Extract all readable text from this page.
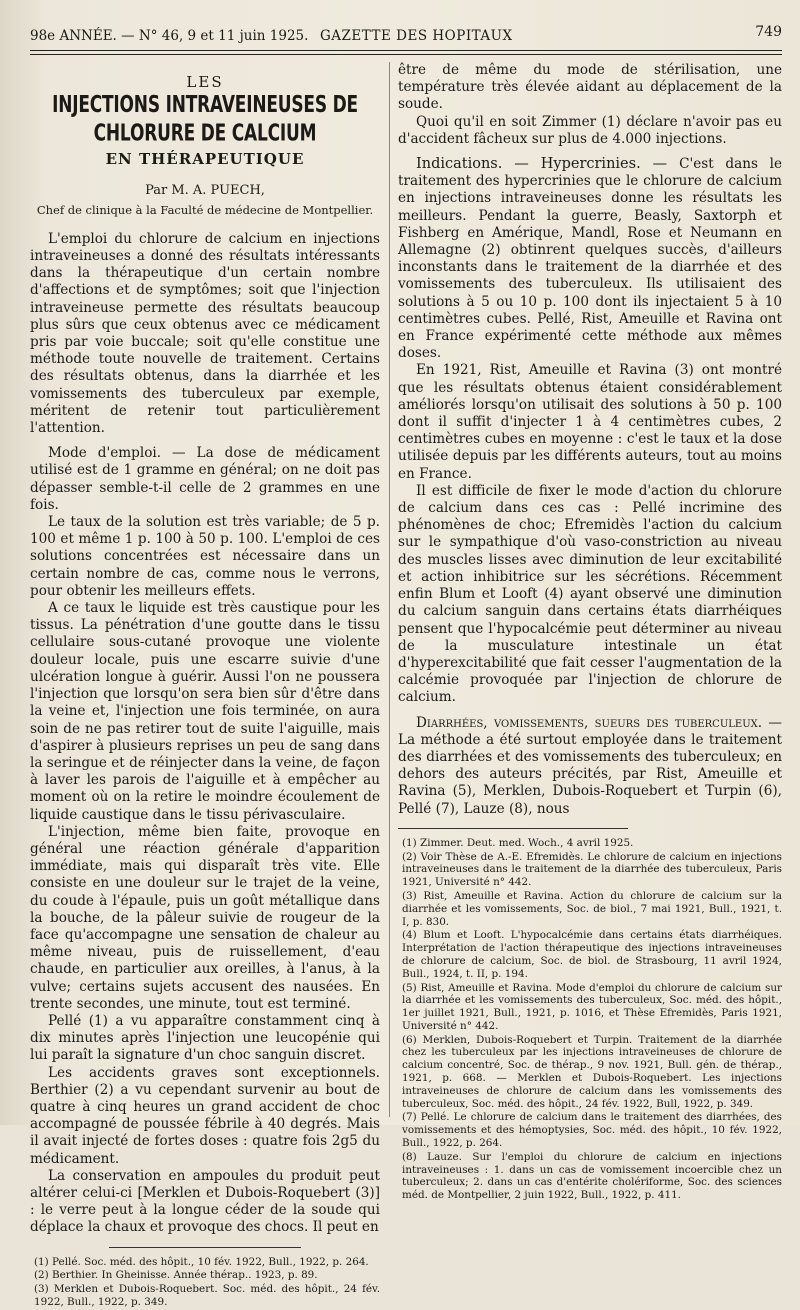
98e ANNÉE. — N° 46, 9 et 11 juin 1925. GAZETTE DES HOPITAUX	749
LES
INJECTIONS INTRAVEINEUSES DE CHLORURE DE CALCIUM
EN THÉRAPEUTIQUE
Par M. A. PUECH,
Chef de clinique à la Faculté de médecine de Montpellier.

L'emploi du chlorure de calcium en injections intraveineuses a donné des résultats intéressants dans la thérapeutique d'un certain nombre d'affections et de symptômes; soit que l'injection intraveineuse permette des résultats beaucoup plus sûrs que ceux obtenus avec ce médicament pris par voie buccale; soit qu'elle constitue une méthode toute nouvelle de traitement. Certains des résultats obtenus, dans la diarrhée et les vomissements des tuberculeux par exemple, méritent de retenir tout particulièrement l'attention.

Mode d'emploi. — La dose de médicament utilisé est de 1 gramme en général; on ne doit pas dépasser semble-t-il celle de 2 grammes en une fois.

Le taux de la solution est très variable; de 5 p. 100 et même 1 p. 100 à 50 p. 100. L'emploi de ces solutions concentrées est nécessaire dans un certain nombre de cas, comme nous le verrons, pour obtenir les meilleurs effets.

A ce taux le liquide est très caustique pour les tissus. La pénétration d'une goutte dans le tissu cellulaire sous-cutané provoque une violente douleur locale, puis une escarre suivie d'une ulcération longue à guérir. Aussi l'on ne poussera l'injection que lorsqu'on sera bien sûr d'être dans la veine et, l'injection une fois terminée, on aura soin de ne pas retirer tout de suite l'aiguille, mais d'aspirer à plusieurs reprises un peu de sang dans la seringue et de réinjecter dans la veine, de façon à laver les parois de l'aiguille et à empêcher au moment où on la retire le moindre écoulement de liquide caustique dans le tissu périvasculaire.

L'injection, même bien faite, provoque en général une réaction générale d'apparition immédiate, mais qui disparaît très vite. Elle consiste en une douleur sur le trajet de la veine, du coude à l'épaule, puis un goût métallique dans la bouche, de la pâleur suivie de rougeur de la face qu'accompagne une sensation de chaleur au même niveau, puis de ruissellement, d'eau chaude, en particulier aux oreilles, à l'anus, à la vulve; certains sujets accusent des nausées. En trente secondes, une minute, tout est terminé.

Pellé (1) a vu apparaître constamment cinq à dix minutes après l'injection une leucopénie qui lui paraît la signature d'un choc sanguin discret.

Les accidents graves sont exceptionnels. Berthier (2) a vu cependant survenir au bout de quatre à cinq heures un grand accident de choc accompagné de poussée fébrile à 40 degrés. Mais il avait injecté de fortes doses : quatre fois 2g5 du médicament.

La conservation en ampoules du produit peut altérer celui-ci [Merklen et Dubois-Roquebert (3)] : le verre peut à la longue céder de la soude qui déplace la chaux et provoque des chocs. Il peut en

(1) Pellé. Soc. méd. des hôpit., 10 fév. 1922, Bull., 1922, p. 264.

(2) Berthier. In Gheinisse. Année thérap.. 1923, p. 89.

(3) Merklen et Dubois-Roquebert. Soc. méd. des hôpit., 24 fév. 1922, Bull., 1922, p. 349.

être de même du mode de stérilisation, une température très élevée aidant au déplacement de la soude.

Quoi qu'il en soit Zimmer (1) déclare n'avoir pas eu d'accident fâcheux sur plus de 4.000 injections.

Indications. — Hypercrinies. — C'est dans le traitement des hypercrinies que le chlorure de calcium en injections intraveineuses donne les résultats les meilleurs. Pendant la guerre, Beasly, Saxtorph et Fishberg en Amérique, Mandl, Rose et Neumann en Allemagne (2) obtinrent quelques succès, d'ailleurs inconstants dans le traitement de la diarrhée et des vomissements des tuberculeux. Ils utilisaient des solutions à 5 ou 10 p. 100 dont ils injectaient 5 à 10 centimètres cubes. Pellé, Rist, Ameuille et Ravina ont en France expérimenté cette méthode aux mêmes doses.

En 1921, Rist, Ameuille et Ravina (3) ont montré que les résultats obtenus étaient considérablement améliorés lorsqu'on utilisait des solutions à 50 p. 100 dont il suffit d'injecter 1 à 4 centimètres cubes, 2 centimètres cubes en moyenne : c'est le taux et la dose utilisée depuis par les différents auteurs, tout au moins en France.

Il est difficile de fixer le mode d'action du chlorure de calcium dans ces cas : Pellé incrimine des phénomènes de choc; Efremidès l'action du calcium sur le sympathique d'où vaso-constriction au niveau des muscles lisses avec diminution de leur excitabilité et action inhibitrice sur les sécrétions. Récemment enfin Blum et Looft (4) ayant observé une diminution du calcium sanguin dans certains états diarrhéiques pensent que l'hypocalcémie peut déterminer au niveau de la musculature intestinale un état d'hyperexcitabilité que fait cesser l'augmentation de la calcémie provoquée par l'injection de chlorure de calcium.

Diarrhées, vomissements, sueurs des tuberculeux. — La méthode a été surtout employée dans le traitement des diarrhées et des vomissements des tuberculeux; en dehors des auteurs précités, par Rist, Ameuille et Ravina (5), Merklen, Dubois-Roquebert et Turpin (6), Pellé (7), Lauze (8), nous

(1) Zimmer. Deut. med. Woch., 4 avril 1925.

(2) Voir Thèse de A.-E. Efremidès. Le chlorure de calcium en injections intraveineuses dans le traitement de la diarrhée des tuberculeux, Paris 1921, Université n° 442.

(3) Rist, Ameuille et Ravina. Action du chlorure de calcium sur la diarrhée et les vomissements, Soc. de biol., 7 mai 1921, Bull., 1921, t. I, p. 830.

(4) Blum et Looft. L'hypocalcémie dans certains états diarrhéiques. Interprétation de l'action thérapeutique des injections intraveineuses de chlorure de calcium, Soc. de biol. de Strasbourg, 11 avril 1924, Bull., 1924, t. II, p. 194.

(5) Rist, Ameuille et Ravina. Mode d'emploi du chlorure de calcium sur la diarrhée et les vomissements des tuberculeux, Soc. méd. des hôpit., 1er juillet 1921, Bull., 1921, p. 1016, et Thèse Efremidès, Paris 1921, Université n° 442.

(6) Merklen, Dubois-Roquebert et Turpin. Traitement de la diarrhée chez les tuberculeux par les injections intraveineuses de chlorure de calcium concentré, Soc. de thérap., 9 nov. 1921, Bull. gén. de thérap., 1921, p. 668. — Merklen et Dubois-Roquebert. Les injections intraveineuses de chlorure de calcium dans les vomissements des tuberculeux, Soc. méd. des hôpit., 24 fév. 1922, Bull, 1922, p. 349.

(7) Pellé. Le chlorure de calcium dans le traitement des diarrhées, des vomissements et des hémoptysies, Soc. méd. des hôpit., 10 fév. 1922, Bull., 1922, p. 264.

(8) Lauze. Sur l'emploi du chlorure de calcium en injections intraveineuses : 1. dans un cas de vomissement incoercible chez un tuberculeux; 2. dans un cas d'entérite cholériforme, Soc. des sciences méd. de Montpellier, 2 juin 1922, Bull., 1922, p. 411.
